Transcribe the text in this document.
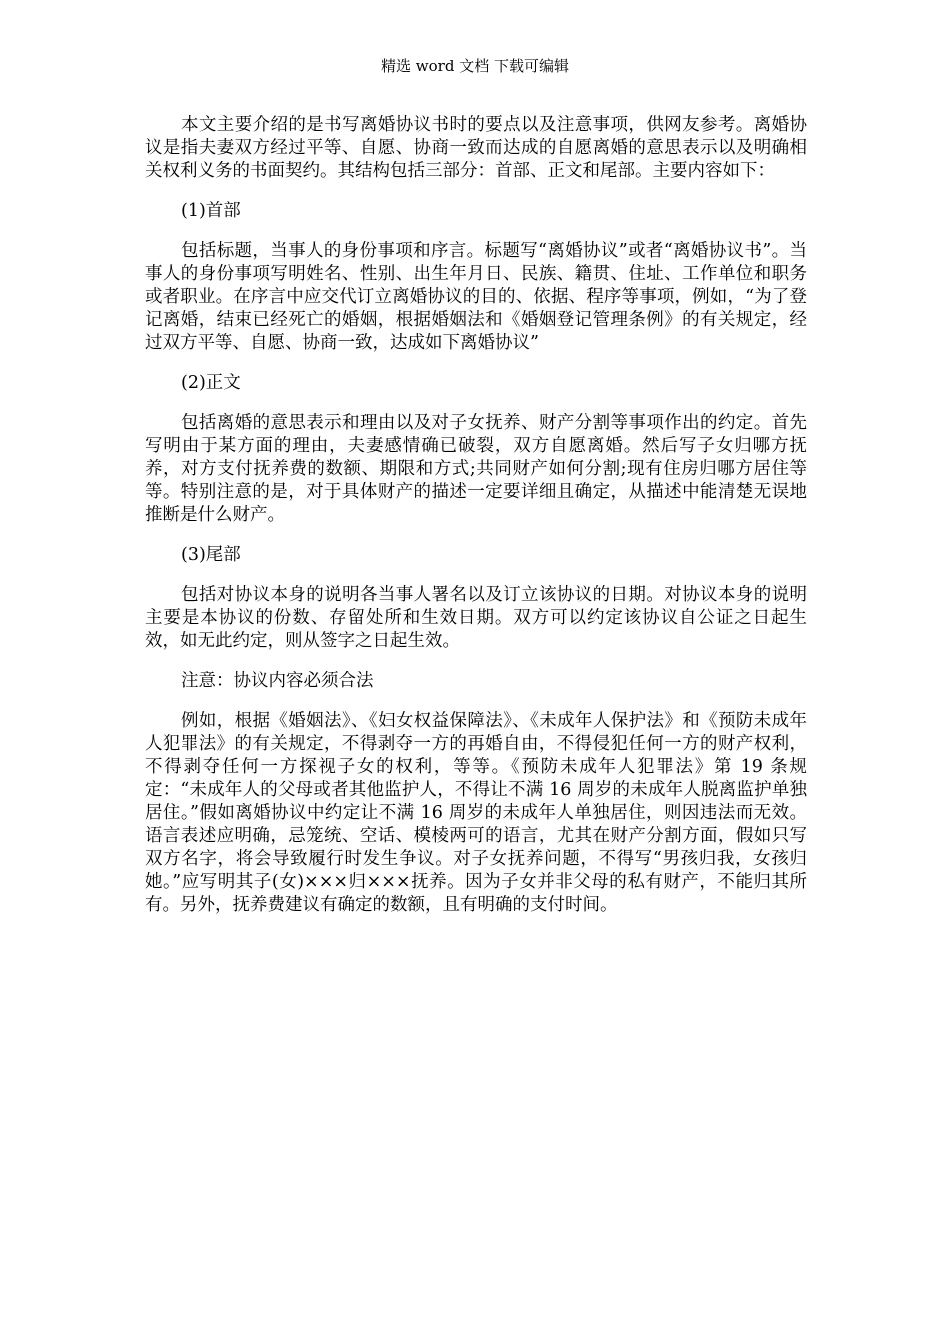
精选 word 文档 下载可编辑

本文主要介绍的是书写离婚协议书时的要点以及注意事项，供网友参考。离婚协议是指夫妻双方经过平等、自愿、协商一致而达成的自愿离婚的意思表示以及明确相关权利义务的书面契约。其结构包括三部分：首部、正文和尾部。主要内容如下：

(1)首部

包括标题，当事人的身份事项和序言。标题写“离婚协议”或者“离婚协议书”。当事人的身份事项写明姓名、性别、出生年月日、民族、籍贯、住址、工作单位和职务或者职业。在序言中应交代订立离婚协议的目的、依据、程序等事项，例如，“为了登记离婚，结束已经死亡的婚姻，根据婚姻法和《婚姻登记管理条例》的有关规定，经过双方平等、自愿、协商一致，达成如下离婚协议”

(2)正文

包括离婚的意思表示和理由以及对子女抚养、财产分割等事项作出的约定。首先写明由于某方面的理由，夫妻感情确已破裂，双方自愿离婚。然后写子女归哪方抚养，对方支付抚养费的数额、期限和方式;共同财产如何分割;现有住房归哪方居住等等。特别注意的是，对于具体财产的描述一定要详细且确定，从描述中能清楚无误地推断是什么财产。

(3)尾部

包括对协议本身的说明各当事人署名以及订立该协议的日期。对协议本身的说明主要是本协议的份数、存留处所和生效日期。双方可以约定该协议自公证之日起生效，如无此约定，则从签字之日起生效。

注意：协议内容必须合法

例如，根据《婚姻法》、《妇女权益保障法》、《未成年人保护法》和《预防未成年人犯罪法》的有关规定，不得剥夺一方的再婚自由，不得侵犯任何一方的财产权利，不得剥夺任何一方探视子女的权利，等等。《预防未成年人犯罪法》第 19 条规定：“未成年人的父母或者其他监护人，不得让不满 16 周岁的未成年人脱离监护单独居住。”假如离婚协议中约定让不满 16 周岁的未成年人单独居住，则因违法而无效。语言表述应明确，忌笼统、空话、模棱两可的语言，尤其在财产分割方面，假如只写双方名字，将会导致履行时发生争议。对子女抚养问题，不得写“男孩归我，女孩归她。”应写明其子(女)×××归×××抚养。因为子女并非父母的私有财产，不能归其所有。另外，抚养费建议有确定的数额，且有明确的支付时间。
